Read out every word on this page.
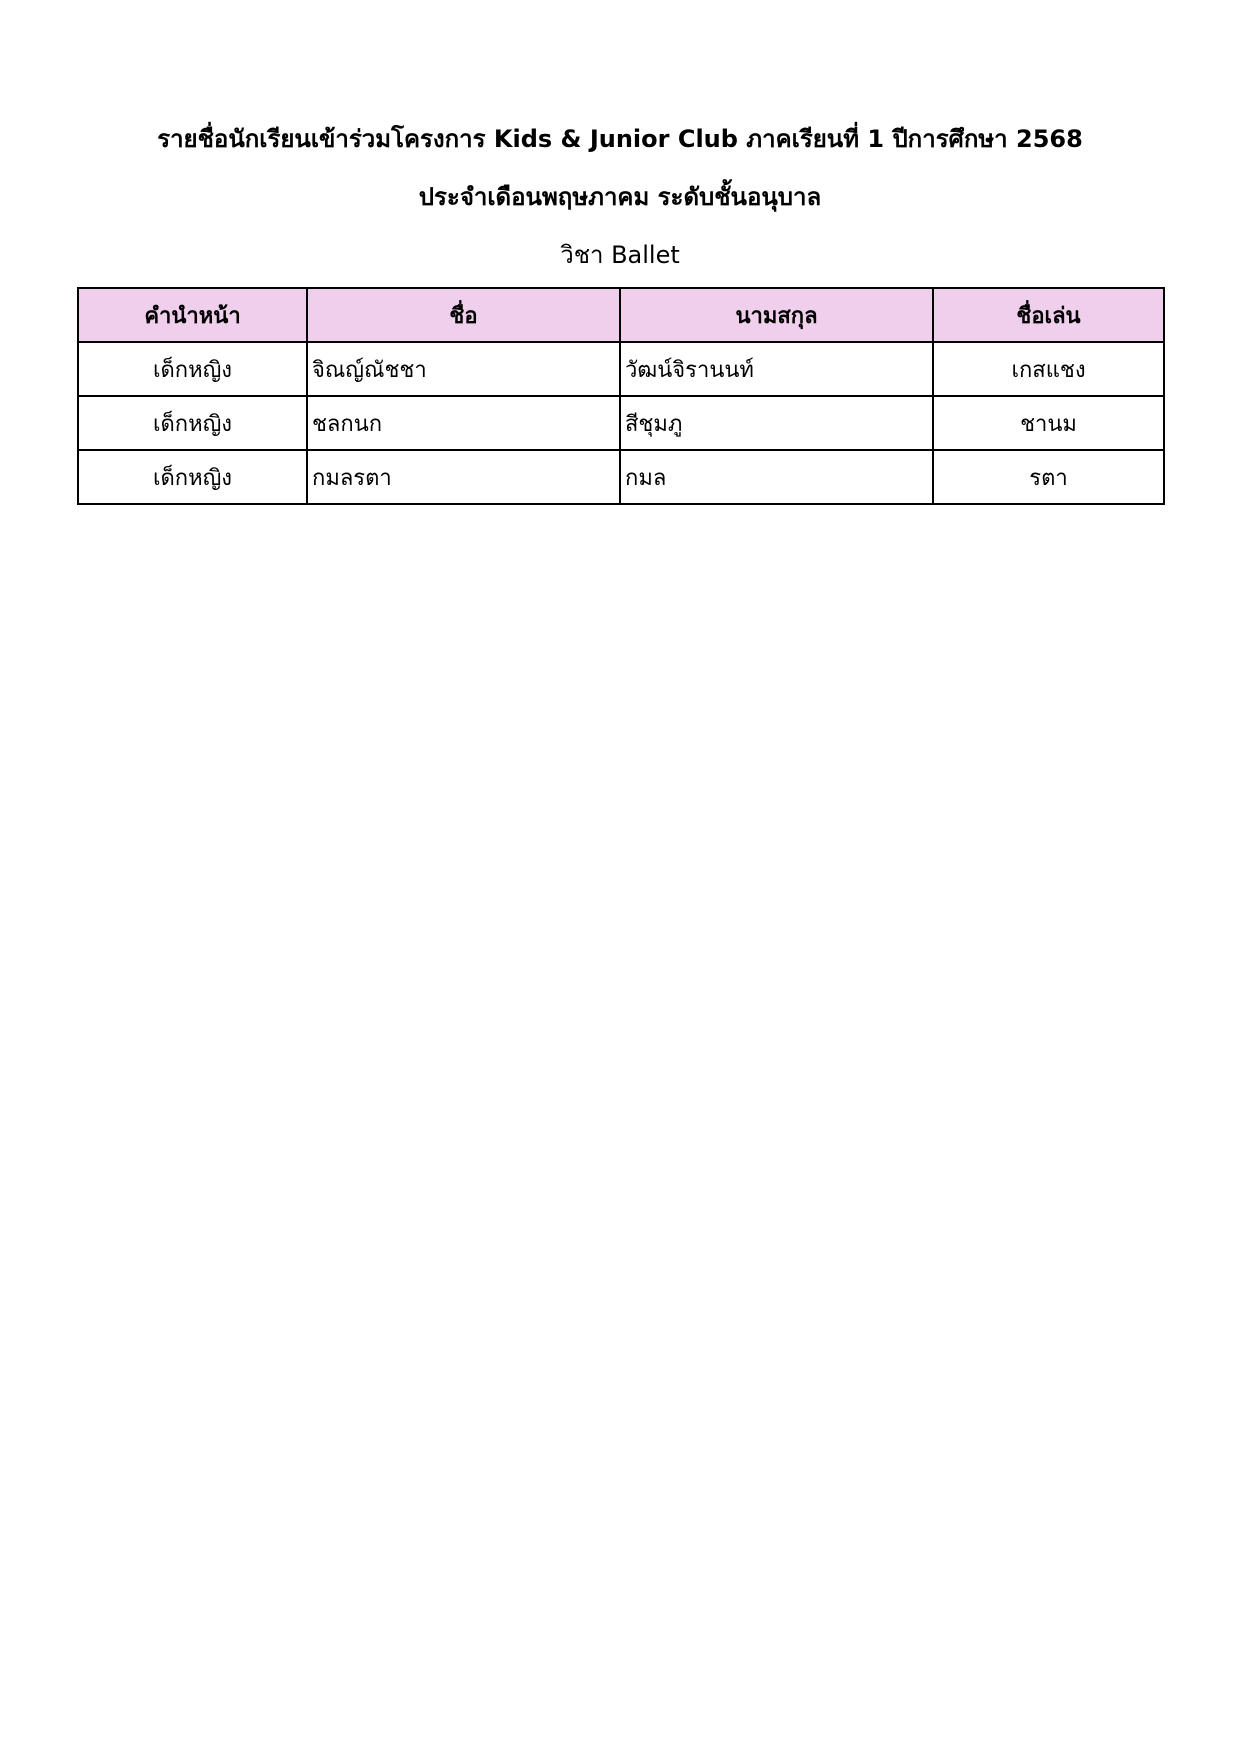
รายชื่อนักเรียนเข้าร่วมโครงการ Kids & Junior Club ภาคเรียนที่ 1 ปีการศึกษา 2568
ประจำเดือนพฤษภาคม ระดับชั้นอนุบาล
วิชา Ballet
คำนำหน้า	ชื่อ	นามสกุล	ชื่อเล่น
เด็กหญิง	จิณญ์ณัชชา	วัฒน์จิรานนท์	เกสแชง
เด็กหญิง	ชลกนก	สีชุมภู	ชานม
เด็กหญิง	กมลรตา	กมล	รตา
